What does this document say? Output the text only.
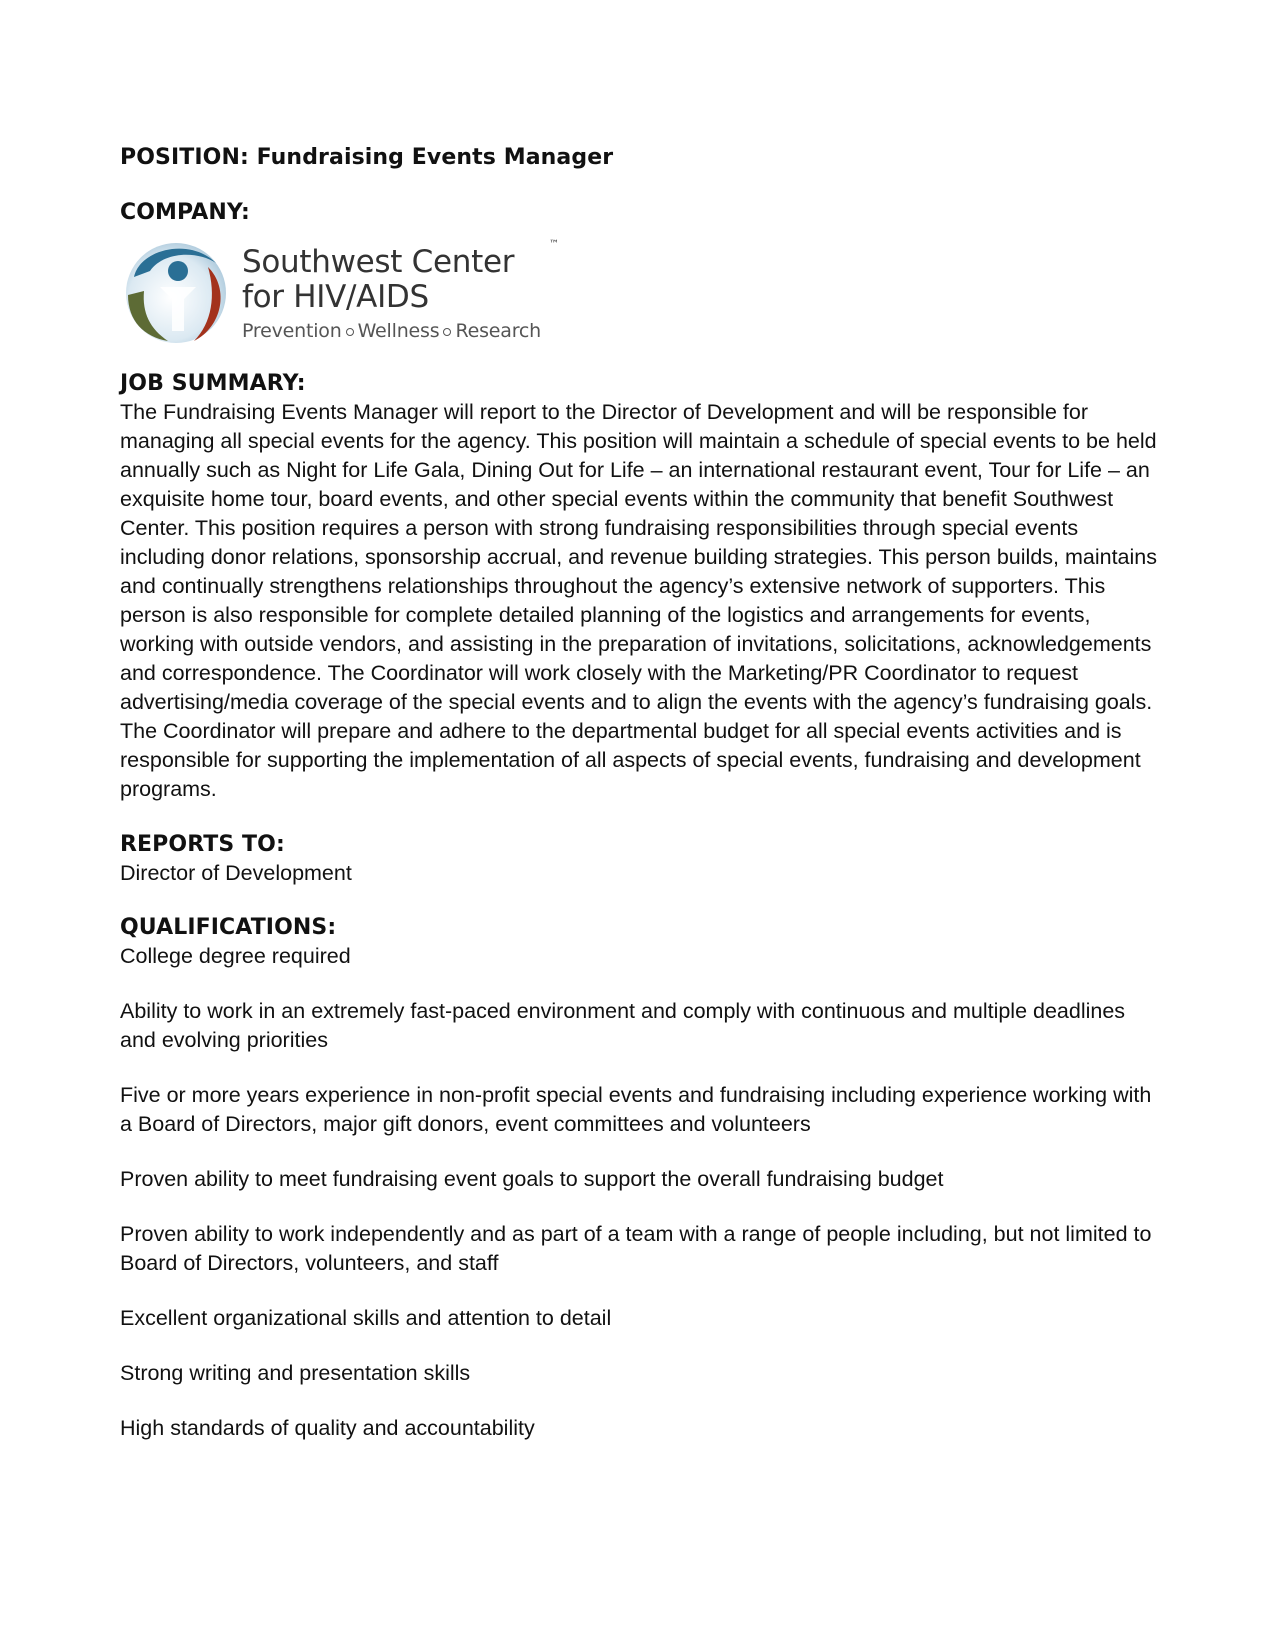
POSITION: Fundraising Events Manager

COMPANY:

™
Southwest Center
for HIV/AIDS
Prevention Wellness Research

JOB SUMMARY:

The Fundraising Events Manager will report to the Director of Development and will be responsible for managing all special events for the agency. This position will maintain a schedule of special events to be held annually such as Night for Life Gala, Dining Out for Life – an international restaurant event, Tour for Life – an exquisite home tour, board events, and other special events within the community that benefit Southwest Center. This position requires a person with strong fundraising responsibilities through special events including donor relations, sponsorship accrual, and revenue building strategies. This person builds, maintains and continually strengthens relationships throughout the agency’s extensive network of supporters. This person is also responsible for complete detailed planning of the logistics and arrangements for events, working with outside vendors, and assisting in the preparation of invitations, solicitations, acknowledgements and correspondence. The Coordinator will work closely with the Marketing/PR Coordinator to request advertising/media coverage of the special events and to align the events with the agency’s fundraising goals. The Coordinator will prepare and adhere to the departmental budget for all special events activities and is responsible for supporting the implementation of all aspects of special events, fundraising and development programs.

REPORTS TO:

Director of Development

QUALIFICATIONS:

College degree required

Ability to work in an extremely fast-paced environment and comply with continuous and multiple deadlines and evolving priorities

Five or more years experience in non-profit special events and fundraising including experience working with a Board of Directors, major gift donors, event committees and volunteers

Proven ability to meet fundraising event goals to support the overall fundraising budget

Proven ability to work independently and as part of a team with a range of people including, but not limited to Board of Directors, volunteers, and staff

Excellent organizational skills and attention to detail

Strong writing and presentation skills

High standards of quality and accountability
